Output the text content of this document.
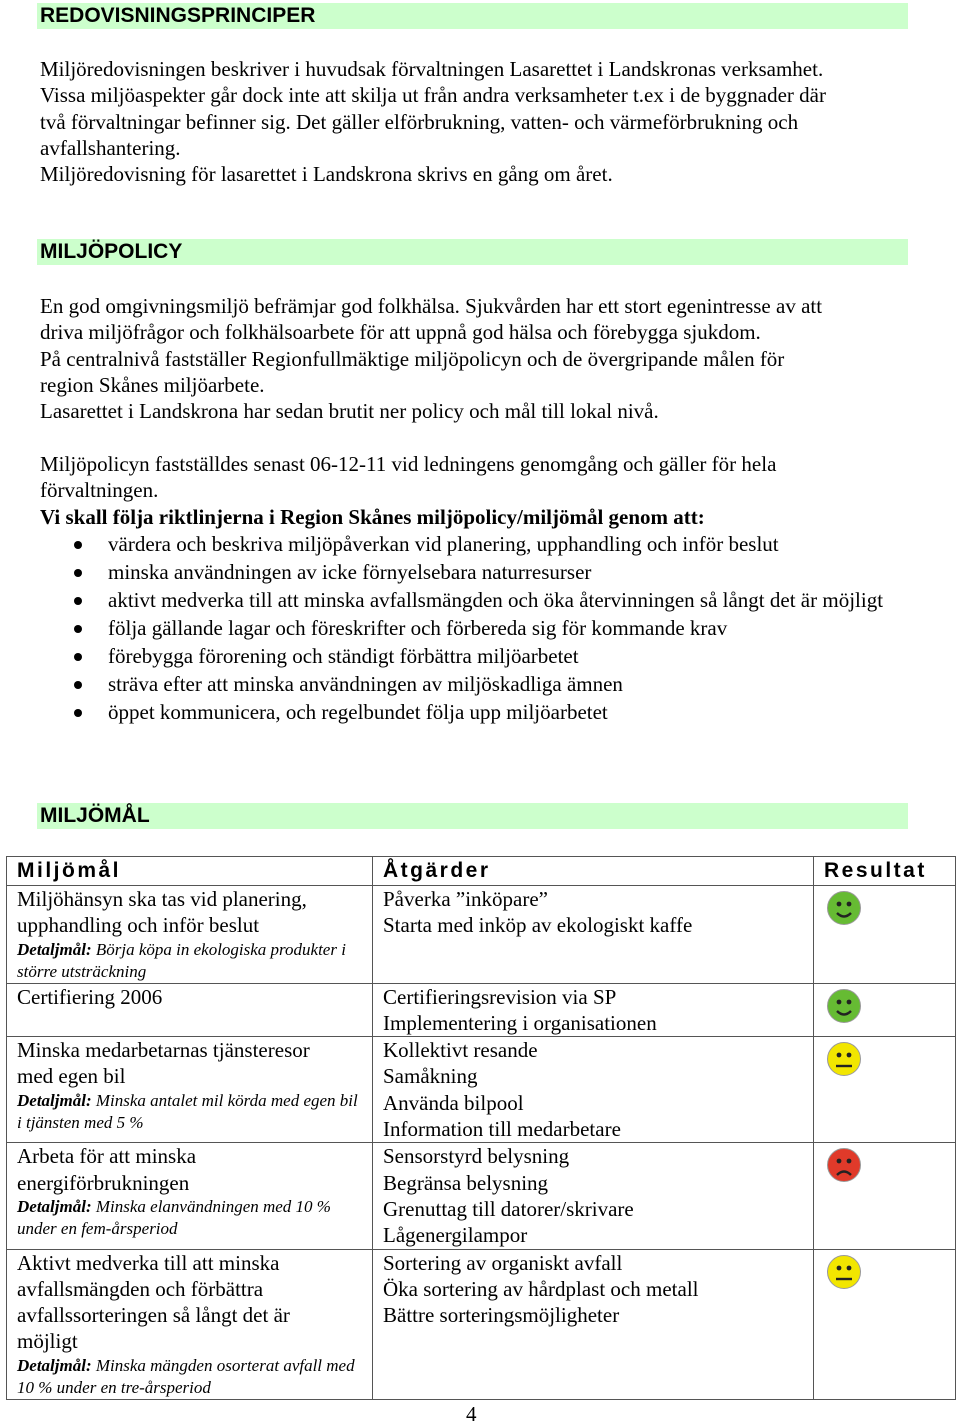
REDOVISNINGSPRINCIPER
Miljöredovisningen beskriver i huvudsak förvaltningen Lasarettet i Landskronas verksamhet.
Vissa miljöaspekter går dock inte att skilja ut från andra verksamheter t.ex i de byggnader där
två förvaltningar befinner sig. Det gäller elförbrukning, vatten- och värmeförbrukning och
avfallshantering.
Miljöredovisning för lasarettet i Landskrona skrivs en gång om året.
MILJÖPOLICY
En god omgivningsmiljö befrämjar god folkhälsa. Sjukvården har ett stort egenintresse av att
driva miljöfrågor och folkhälsoarbete för att uppnå god hälsa och förebygga sjukdom.
På centralnivå fastställer Regionfullmäktige miljöpolicyn och de övergripande målen för
region Skånes miljöarbete.
Lasarettet i Landskrona har sedan brutit ner policy och mål till lokal nivå.
Miljöpolicyn fastställdes senast 06-12-11 vid ledningens genomgång och gäller för hela
förvaltningen.
Vi skall följa riktlinjerna i Region Skånes miljöpolicy/miljömål genom att:
värdera och beskriva miljöpåverkan vid planering, upphandling och inför beslut
minska användningen av icke förnyelsebara naturresurser
aktivt medverka till att minska avfallsmängden och öka återvinningen så långt det är möjligt
följa gällande lagar och föreskrifter och förbereda sig för kommande krav
förebygga förorening och ständigt förbättra miljöarbetet
sträva efter att minska användningen av miljöskadliga ämnen
öppet kommunicera, och regelbundet följa upp miljöarbetet
MILJÖMÅL
Miljömål	Åtgärder	Resultat

Miljöhänsyn ska tas vid planering,
upphandling och inför beslut
Detaljmål: Börja köpa in ekologiska produkter i större utsträckning	Påverka ”inköpare”
Starta med inköp av ekologiskt kaffe

Certifiering 2006	Certifieringsrevision via SP
Implementering i organisationen

Minska medarbetarnas tjänsteresor
med egen bil
Detaljmål: Minska antalet mil körda med egen bil i tjänsten med 5 %	Kollektivt resande
Samåkning
Använda bilpool
Information till medarbetare

Arbeta för att minska
energiförbrukningen
Detaljmål: Minska elanvändningen med 10 % under en fem-årsperiod	Sensorstyrd belysning
Begränsa belysning
Grenuttag till datorer/skrivare
Lågenergilampor

Aktivt medverka till att minska
avfallsmängden och förbättra
avfallssorteringen så långt det är
möjligt
Detaljmål: Minska mängden osorterat avfall med 10 % under en tre-årsperiod	Sortering av organiskt avfall
Öka sortering av hårdplast och metall
Bättre sorteringsmöjligheter

4
